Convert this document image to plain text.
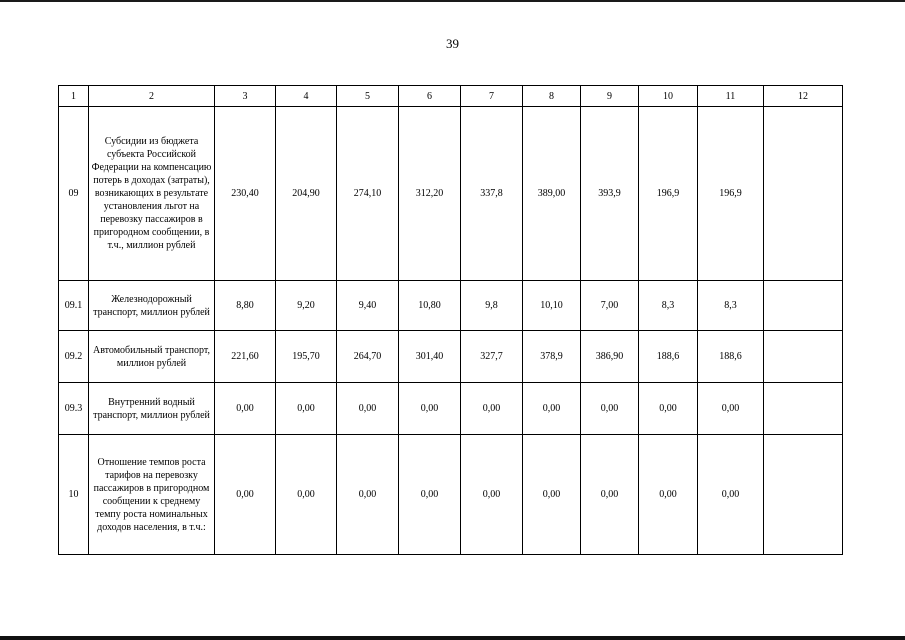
39
1	2	3	4	5	6	7	8	9	10	11	12
09	Субсидии из бюджета субъекта Российской Федерации на компенсацию потерь в доходах (затраты), возникающих в результате установления льгот на перевозку пассажиров в пригородном сообщении, в т.ч., миллион рублей	230,40	204,90	274,10	312,20	337,8	389,00	393,9	196,9	196,9	
09.1	Железнодорожный транспорт, миллион рублей	8,80	9,20	9,40	10,80	9,8	10,10	7,00	8,3	8,3	
09.2	Автомобильный транспорт, миллион рублей	221,60	195,70	264,70	301,40	327,7	378,9	386,90	188,6	188,6	
09.3	Внутренний водный транспорт, миллион рублей	0,00	0,00	0,00	0,00	0,00	0,00	0,00	0,00	0,00	
10	Отношение темпов роста тарифов на перевозку пассажиров в пригородном сообщении к среднему темпу роста номинальных доходов населения, в т.ч.:	0,00	0,00	0,00	0,00	0,00	0,00	0,00	0,00	0,00	
